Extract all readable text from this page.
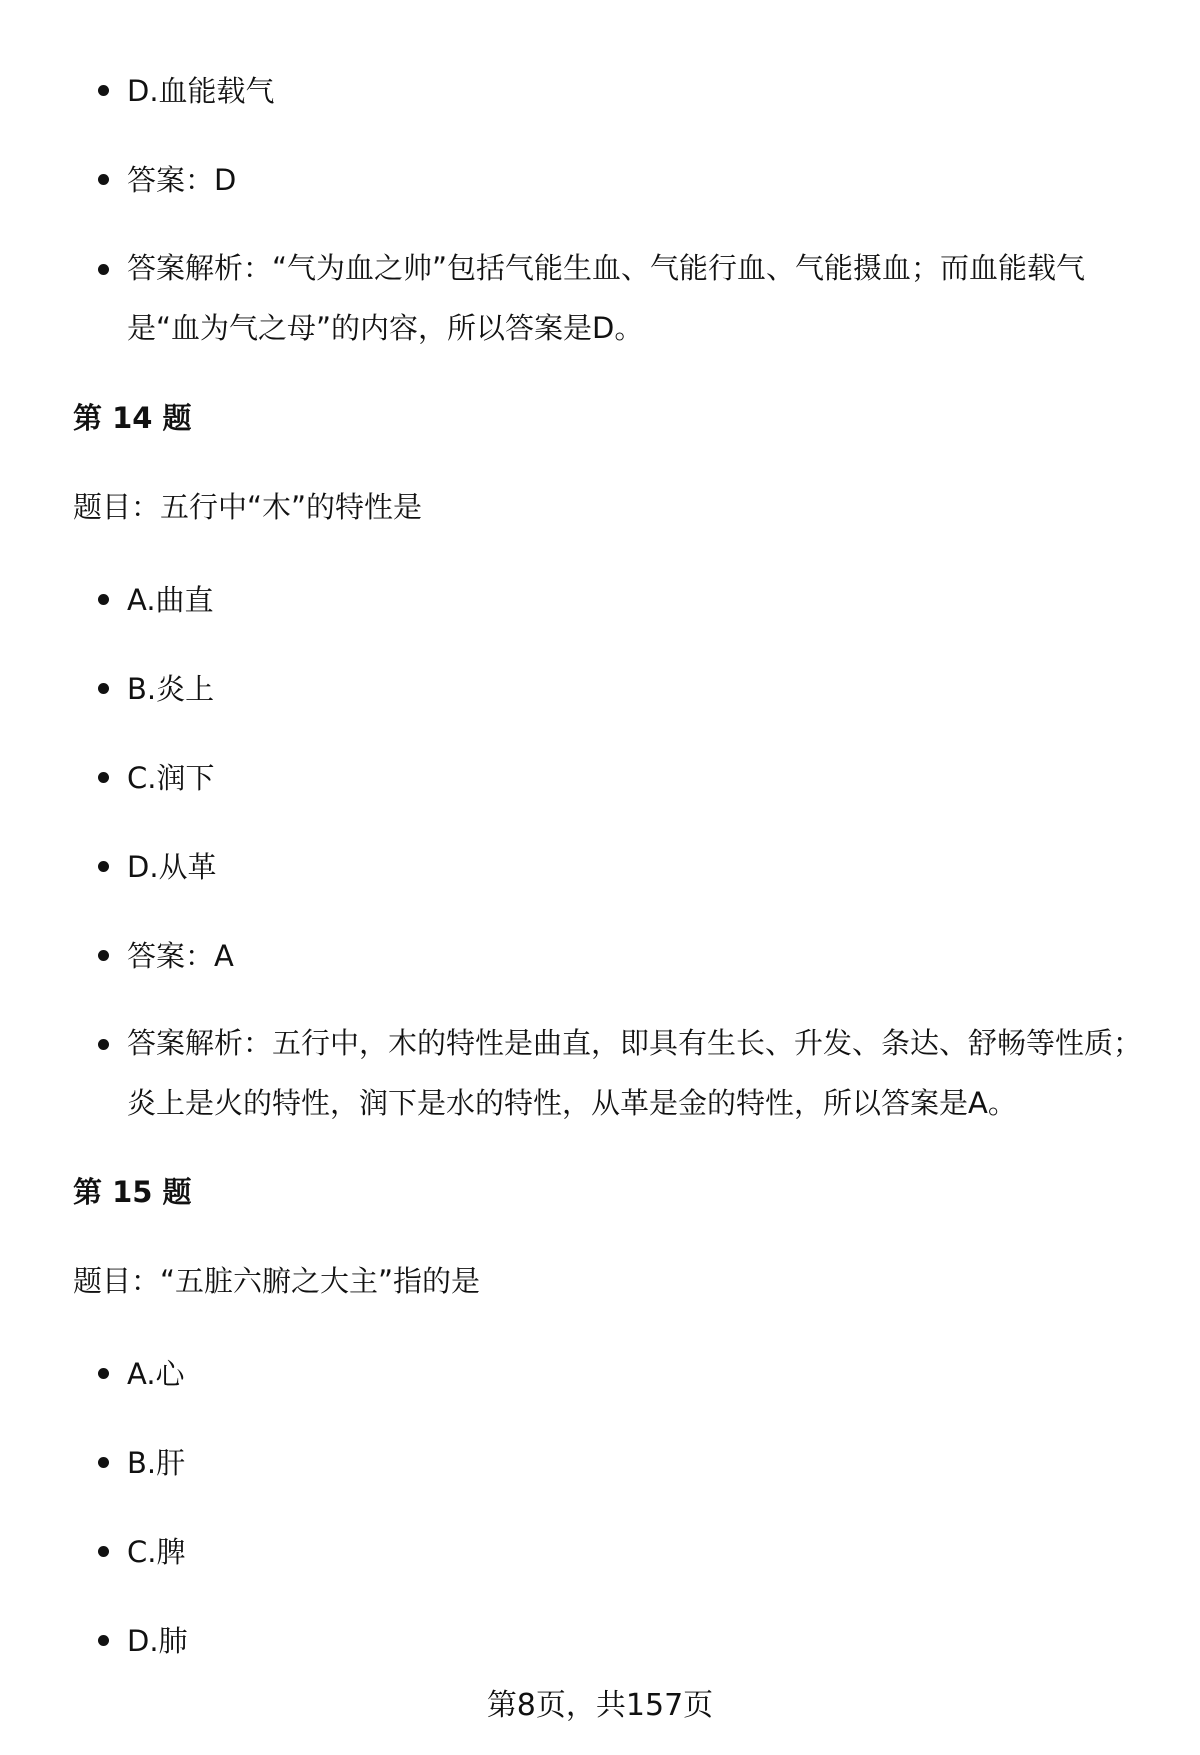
D.血能载气
答案：D
答案解析：“气为血之帅”包括气能生血、气能行血、气能摄血；而血能载气是“血为气之母”的内容，所以答案是D。
第 14 题
题目：五行中“木”的特性是
A.曲直
B.炎上
C.润下
D.从革
答案：A
答案解析：五行中，木的特性是曲直，即具有生长、升发、条达、舒畅等性质；炎上是火的特性，润下是水的特性，从革是金的特性，所以答案是A。
第 15 题
题目：“五脏六腑之大主”指的是
A.心
B.肝
C.脾
D.肺
第8页，共157页
